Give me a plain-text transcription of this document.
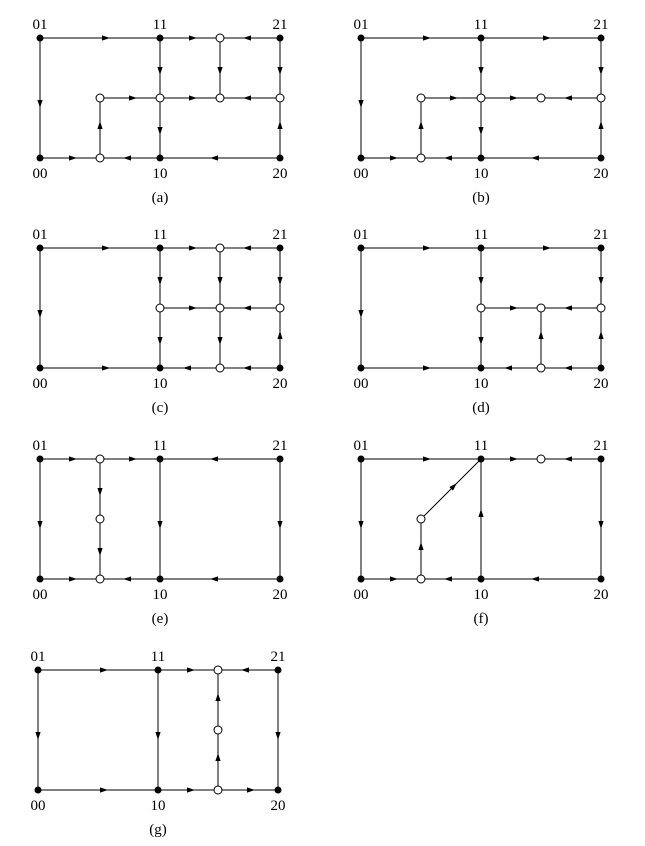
01	11	21
00	10	20
(a)
01	11	21
00	10	20
(b)
01	11	21
00	10	20
(c)
01	11	21
00	10	20
(d)
01	11	21
00	10	20
(e)
01	11	21
00	10	20
(f)
01	11	21
00	10	20
(g)
